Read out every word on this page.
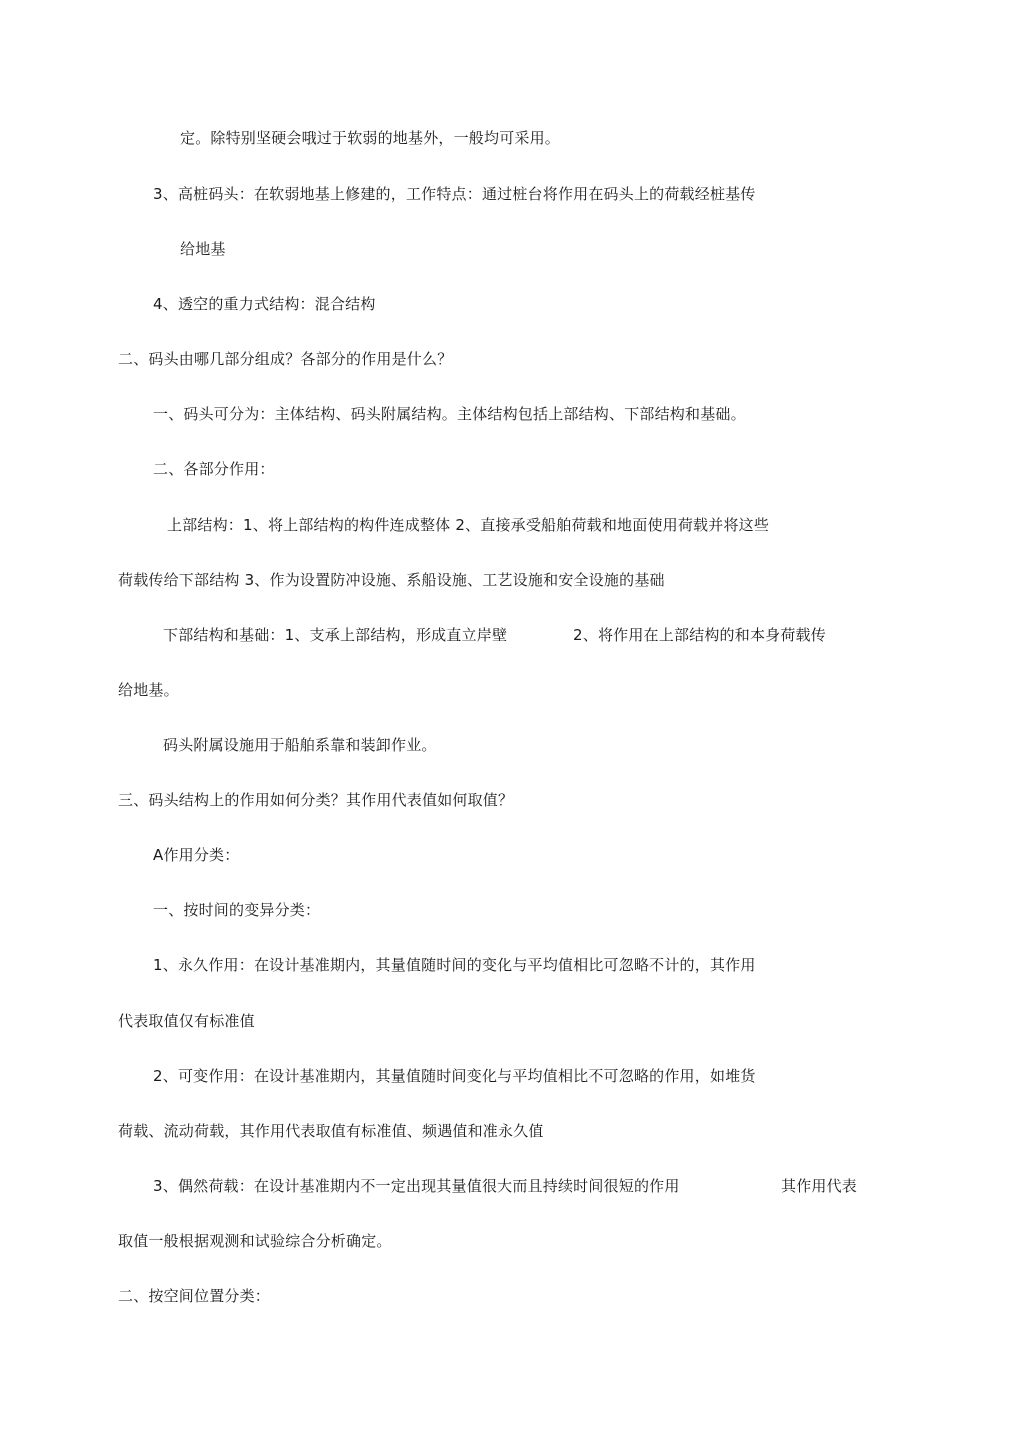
定。除特别坚硬会哦过于软弱的地基外，一般均可采用。
3、高桩码头：在软弱地基上修建的，工作特点：通过桩台将作用在码头上的荷载经桩基传
给地基
4、透空的重力式结构：混合结构
二、码头由哪几部分组成？各部分的作用是什么？
一、码头可分为：主体结构、码头附属结构。主体结构包括上部结构、下部结构和基础。
二、各部分作用：
上部结构：1、将上部结构的构件连成整体 2、直接承受船舶荷载和地面使用荷载并将这些
荷载传给下部结构 3、作为设置防冲设施、系船设施、工艺设施和安全设施的基础
下部结构和基础：1、支承上部结构，形成直立岸壁	2、将作用在上部结构的和本身荷载传
给地基。
码头附属设施用于船舶系靠和装卸作业。
三、码头结构上的作用如何分类？其作用代表值如何取值？
A作用分类：
一、按时间的变异分类：
1、永久作用：在设计基准期内，其量值随时间的变化与平均值相比可忽略不计的，其作用
代表取值仅有标准值
2、可变作用：在设计基准期内，其量值随时间变化与平均值相比不可忽略的作用，如堆货
荷载、流动荷载，其作用代表取值有标准值、频遇值和准永久值
3、偶然荷载：在设计基准期内不一定出现其量值很大而且持续时间很短的作用	其作用代表
取值一般根据观测和试验综合分析确定。
二、按空间位置分类：
